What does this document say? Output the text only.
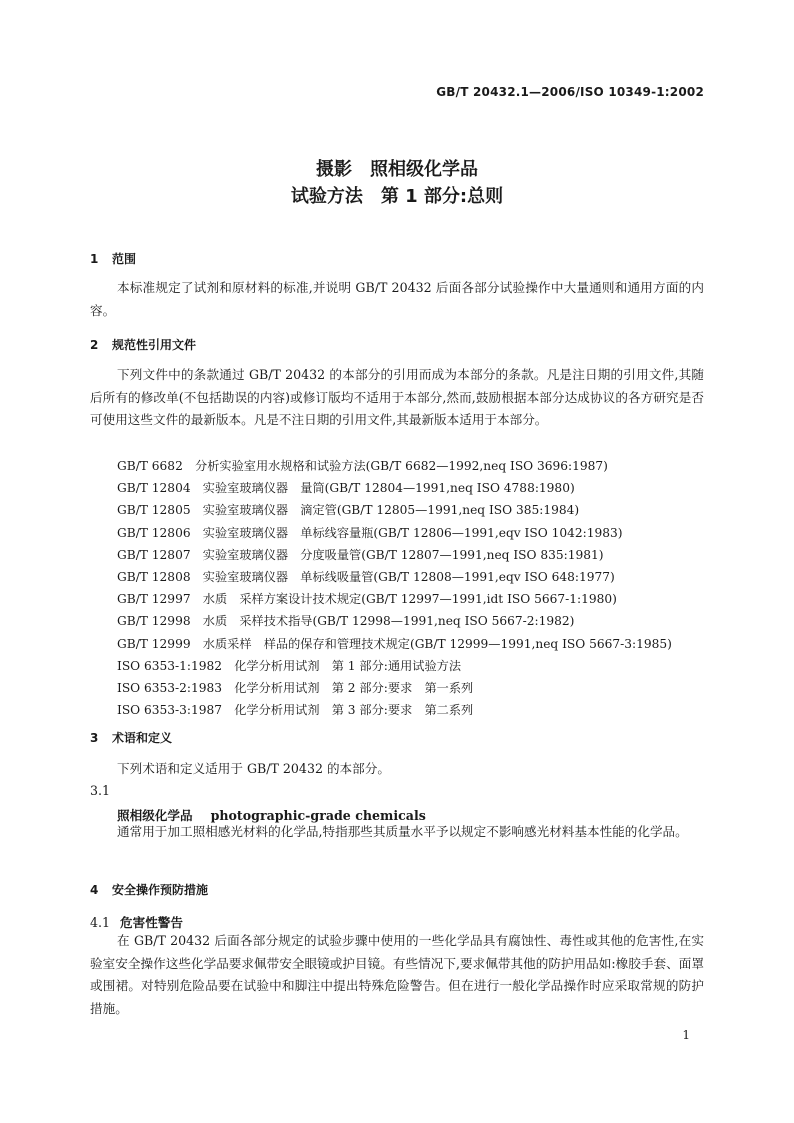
GB/T 20432.1—2006/ISO 10349-1:2002
摄影 照相级化学品
试验方法 第 1 部分:总则
1 范围

本标准规定了试剂和原材料的标准,并说明 GB/T 20432 后面各部分试验操作中大量通则和通用方面的内容。

2 规范性引用文件

下列文件中的条款通过 GB/T 20432 的本部分的引用而成为本部分的条款。凡是注日期的引用文件,其随后所有的修改单(不包括勘误的内容)或修订版均不适用于本部分,然而,鼓励根据本部分达成协议的各方研究是否可使用这些文件的最新版本。凡是不注日期的引用文件,其最新版本适用于本部分。

GB/T 6682　分析实验室用水规格和试验方法(GB/T 6682—1992,neq ISO 3696:1987)
GB/T 12804　实验室玻璃仪器　量筒(GB/T 12804—1991,neq ISO 4788:1980)
GB/T 12805　实验室玻璃仪器　滴定管(GB/T 12805—1991,neq ISO 385:1984)
GB/T 12806　实验室玻璃仪器　单标线容量瓶(GB/T 12806—1991,eqv ISO 1042:1983)
GB/T 12807　实验室玻璃仪器　分度吸量管(GB/T 12807—1991,neq ISO 835:1981)
GB/T 12808　实验室玻璃仪器　单标线吸量管(GB/T 12808—1991,eqv ISO 648:1977)
GB/T 12997　水质　采样方案设计技术规定(GB/T 12997—1991,idt ISO 5667-1:1980)
GB/T 12998　水质　采样技术指导(GB/T 12998—1991,neq ISO 5667-2:1982)
GB/T 12999　水质采样　样品的保存和管理技术规定(GB/T 12999—1991,neq ISO 5667-3:1985)
ISO 6353-1:1982　化学分析用试剂　第 1 部分:通用试验方法
ISO 6353-2:1983　化学分析用试剂　第 2 部分:要求　第一系列
ISO 6353-3:1987　化学分析用试剂　第 3 部分:要求　第二系列
3 术语和定义

下列术语和定义适用于 GB/T 20432 的本部分。

3.1
照相级化学品 photographic-grade chemicals

通常用于加工照相感光材料的化学品,特指那些其质量水平予以规定不影响感光材料基本性能的化学品。

4 安全操作预防措施
4.1 危害性警告

在 GB/T 20432 后面各部分规定的试验步骤中使用的一些化学品具有腐蚀性、毒性或其他的危害性,在实验室安全操作这些化学品要求佩带安全眼镜或护目镜。有些情况下,要求佩带其他的防护用品如:橡胶手套、面罩或围裙。对特别危险品要在试验中和脚注中提出特殊危险警告。但在进行一般化学品操作时应采取常规的防护措施。

1
